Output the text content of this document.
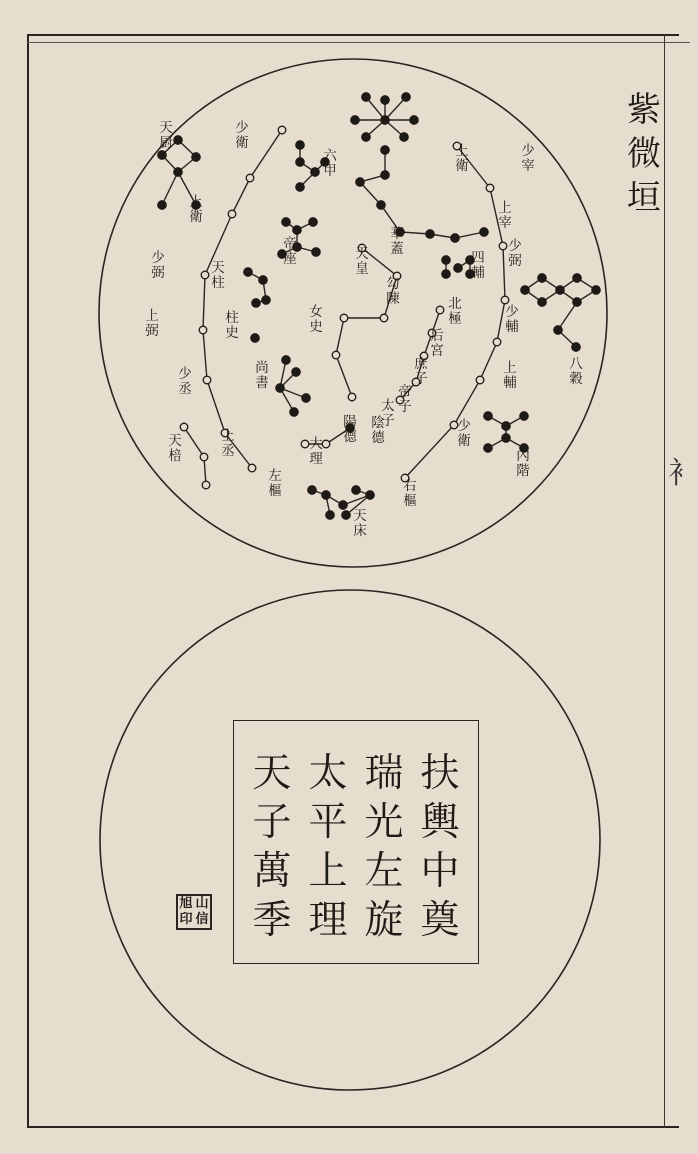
紫
微
垣
衤
天厨
少衛
上衛
少弼
上弼
天柱
柱史
少丞
上丞
天棓
左樞
尚書
六甲
華蓋
帝座
女史
天皇
勾陳
陰德
陽德
大理
天床
少宰
上宰
少弼
上輔
少輔
上衛
少衛
四輔
北極
后宮
庶子
帝子
太子
內階
八穀
右樞
扶
輿
中
奠
瑞
光
左
旋
太
平
上
理
天
子
萬
季
旭 山
印 信
